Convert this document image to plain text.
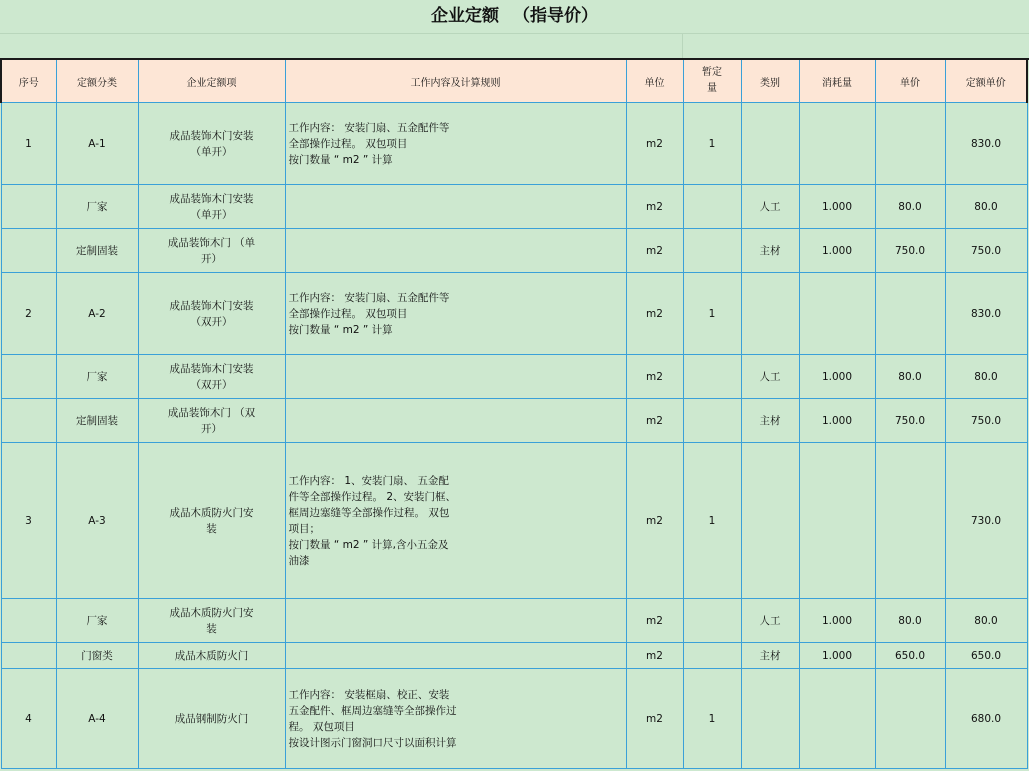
企业定额 （指导价）
序号	定额分类	企业定额项	工作内容及计算规则	单位	暂定量	类别	消耗量	单价	定额单价
1	A-1	成品装饰木门安装（单开）	工作内容： 安装门扇、五金配件等全部操作过程。 双包项目
按门数量 “ m2 ” 计算	m2	1				830.0
	厂家	成品装饰木门安装（单开）		m2		人工	1.000	80.0	80.0
	定制固装	成品装饰木门 （单开）		m2		主材	1.000	750.0	750.0
2	A-2	成品装饰木门安装（双开）	工作内容： 安装门扇、五金配件等全部操作过程。 双包项目
按门数量 “ m2 ” 计算	m2	1				830.0
	厂家	成品装饰木门安装（双开）		m2		人工	1.000	80.0	80.0
	定制固装	成品装饰木门 （双开）		m2		主材	1.000	750.0	750.0
3	A-3	成品木质防火门安装	工作内容： 1、安装门扇、 五金配件等全部操作过程。 2、安装门框、框周边塞缝等全部操作过程。 双包项目；
按门数量 “ m2 ” 计算,含小五金及油漆	m2	1				730.0
	厂家	成品木质防火门安装		m2		人工	1.000	80.0	80.0
	门窗类	成品木质防火门		m2		主材	1.000	650.0	650.0
4	A-4	成品钢制防火门	工作内容： 安装框扇、校正、安装五金配件、框周边塞缝等全部操作过程。 双包项目
按设计图示门窗洞口尺寸以面积计算	m2	1				680.0
